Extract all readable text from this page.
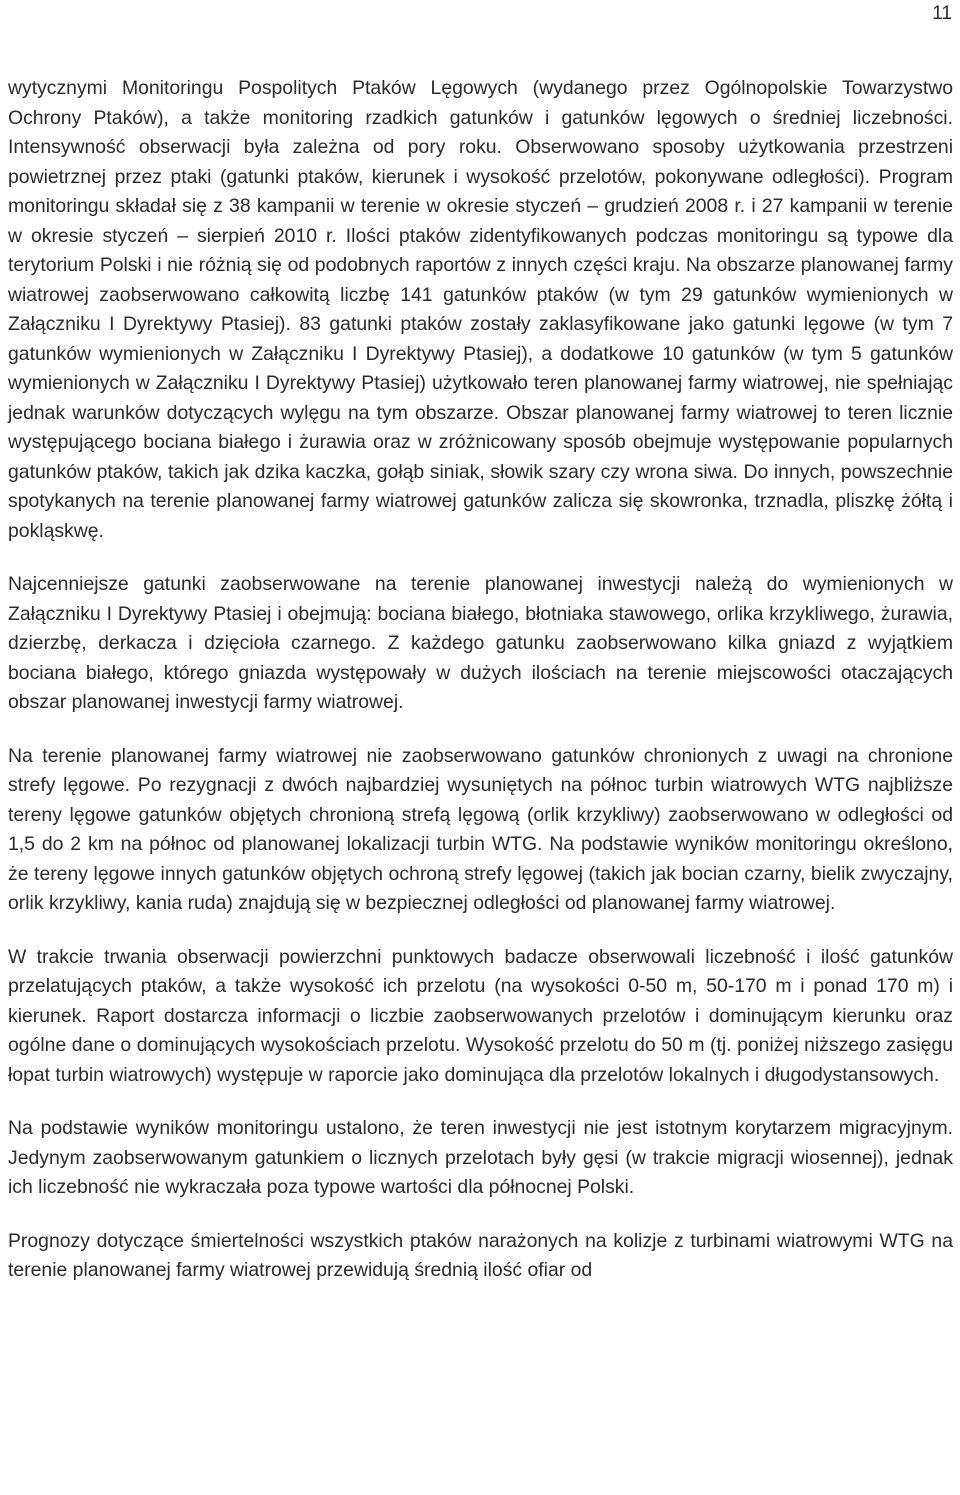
11

wytycznymi Monitoringu Pospolitych Ptaków Lęgowych (wydanego przez Ogólnopolskie Towarzystwo Ochrony Ptaków), a także monitoring rzadkich gatunków i gatunków lęgowych o średniej liczebności. Intensywność obserwacji była zależna od pory roku. Obserwowano sposoby użytkowania przestrzeni powietrznej przez ptaki (gatunki ptaków, kierunek i wysokość przelotów, pokonywane odległości). Program monitoringu składał się z 38 kampanii w terenie w okresie styczeń – grudzień 2008 r. i 27 kampanii w terenie w okresie styczeń – sierpień 2010 r. Ilości ptaków zidentyfikowanych podczas monitoringu są typowe dla terytorium Polski i nie różnią się od podobnych raportów z innych części kraju. Na obszarze planowanej farmy wiatrowej zaobserwowano całkowitą liczbę 141 gatunków ptaków (w tym 29 gatunków wymienionych w Załączniku I Dyrektywy Ptasiej). 83 gatunki ptaków zostały zaklasyfikowane jako gatunki lęgowe (w tym 7 gatunków wymienionych w Załączniku I Dyrektywy Ptasiej), a dodatkowe 10 gatunków (w tym 5 gatunków wymienionych w Załączniku I Dyrektywy Ptasiej) użytkowało teren planowanej farmy wiatrowej, nie spełniając jednak warunków dotyczących wylęgu na tym obszarze. Obszar planowanej farmy wiatrowej to teren licznie występującego bociana białego i żurawia oraz w zróżnicowany sposób obejmuje występowanie popularnych gatunków ptaków, takich jak dzika kaczka, gołąb siniak, słowik szary czy wrona siwa. Do innych, powszechnie spotykanych na terenie planowanej farmy wiatrowej gatunków zalicza się skowronka, trznadla, pliszkę żółtą i pokląskwę.

Najcenniejsze gatunki zaobserwowane na terenie planowanej inwestycji należą do wymienionych w Załączniku I Dyrektywy Ptasiej i obejmują: bociana białego, błotniaka stawowego, orlika krzykliwego, żurawia, dzierzbę, derkacza i dzięcioła czarnego. Z każdego gatunku zaobserwowano kilka gniazd z wyjątkiem bociana białego, którego gniazda występowały w dużych ilościach na terenie miejscowości otaczających obszar planowanej inwestycji farmy wiatrowej.

Na terenie planowanej farmy wiatrowej nie zaobserwowano gatunków chronionych z uwagi na chronione strefy lęgowe. Po rezygnacji z dwóch najbardziej wysuniętych na północ turbin wiatrowych WTG najbliższe tereny lęgowe gatunków objętych chronioną strefą lęgową (orlik krzykliwy) zaobserwowano w odległości od 1,5 do 2 km na północ od planowanej lokalizacji turbin WTG. Na podstawie wyników monitoringu określono, że tereny lęgowe innych gatunków objętych ochroną strefy lęgowej (takich jak bocian czarny, bielik zwyczajny, orlik krzykliwy, kania ruda) znajdują się w bezpiecznej odległości od planowanej farmy wiatrowej.

W trakcie trwania obserwacji powierzchni punktowych badacze obserwowali liczebność i ilość gatunków przelatujących ptaków, a także wysokość ich przelotu (na wysokości 0-50 m, 50-170 m i ponad 170 m) i kierunek. Raport dostarcza informacji o liczbie zaobserwowanych przelotów i dominującym kierunku oraz ogólne dane o dominujących wysokościach przelotu. Wysokość przelotu do 50 m (tj. poniżej niższego zasięgu łopat turbin wiatrowych) występuje w raporcie jako dominująca dla przelotów lokalnych i długodystansowych.

Na podstawie wyników monitoringu ustalono, że teren inwestycji nie jest istotnym korytarzem migracyjnym. Jedynym zaobserwowanym gatunkiem o licznych przelotach były gęsi (w trakcie migracji wiosennej), jednak ich liczebność nie wykraczała poza typowe wartości dla północnej Polski.

Prognozy dotyczące śmiertelności wszystkich ptaków narażonych na kolizje z turbinami wiatrowymi WTG na terenie planowanej farmy wiatrowej przewidują średnią ilość ofiar od
